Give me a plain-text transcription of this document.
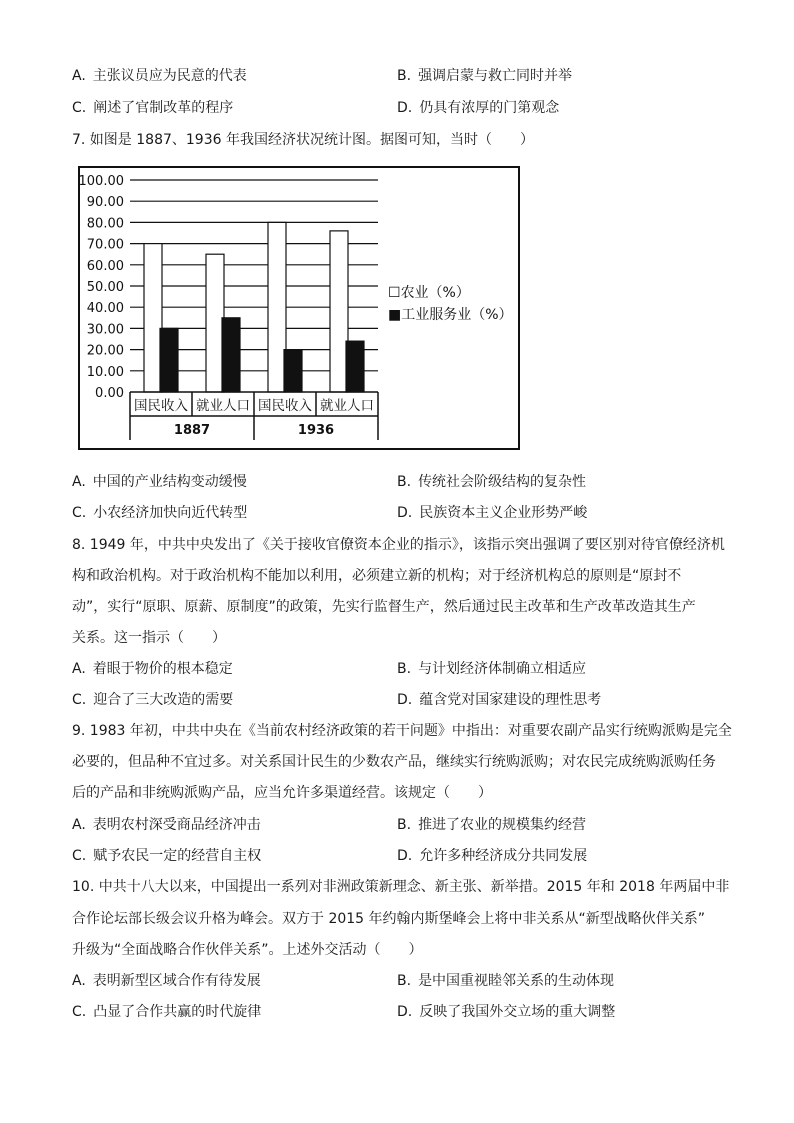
A.  主张议员应为民意的代表	B.  强调启蒙与救亡同时并举
C.  阐述了官制改革的程序	D.  仍具有浓厚的门第观念
7. 如图是 1887、1936 年我国经济状况统计图。据图可知，当时（　　）
100.00
90.00
80.00
70.00
60.00
50.00
40.00
30.00
20.00
10.00
0.00
国民收入 就业人口 国民收入 就业人口
1887	1936
☐农业（%）
■工业服务业（%）
A.  中国的产业结构变动缓慢	B.  传统社会阶级结构的复杂性
C.  小农经济加快向近代转型	D.  民族资本主义企业形势严峻
8. 1949 年，中共中央发出了《关于接收官僚资本企业的指示》，该指示突出强调了要区别对待官僚经济机
构和政治机构。对于政治机构不能加以利用，必须建立新的机构；对于经济机构总的原则是“原封不
动”，实行“原职、原薪、原制度”的政策，先实行监督生产，然后通过民主改革和生产改革改造其生产
关系。这一指示（　　）
A.  着眼于物价的根本稳定	B.  与计划经济体制确立相适应
C.  迎合了三大改造的需要	D.  蕴含党对国家建设的理性思考
9. 1983 年初，中共中央在《当前农村经济政策的若干问题》中指出：对重要农副产品实行统购派购是完全
必要的，但品种不宜过多。对关系国计民生的少数农产品，继续实行统购派购；对农民完成统购派购任务
后的产品和非统购派购产品，应当允许多渠道经营。该规定（　　）
A.  表明农村深受商品经济冲击	B.  推进了农业的规模集约经营
C.  赋予农民一定的经营自主权	D.  允许多种经济成分共同发展
10. 中共十八大以来，中国提出一系列对非洲政策新理念、新主张、新举措。2015 年和 2018 年两届中非
合作论坛部长级会议升格为峰会。双方于 2015 年约翰内斯堡峰会上将中非关系从“新型战略伙伴关系”
升级为“全面战略合作伙伴关系”。上述外交活动（　　）
A.  表明新型区域合作有待发展	B.  是中国重视睦邻关系的生动体现
C.  凸显了合作共赢的时代旋律	D.  反映了我国外交立场的重大调整
